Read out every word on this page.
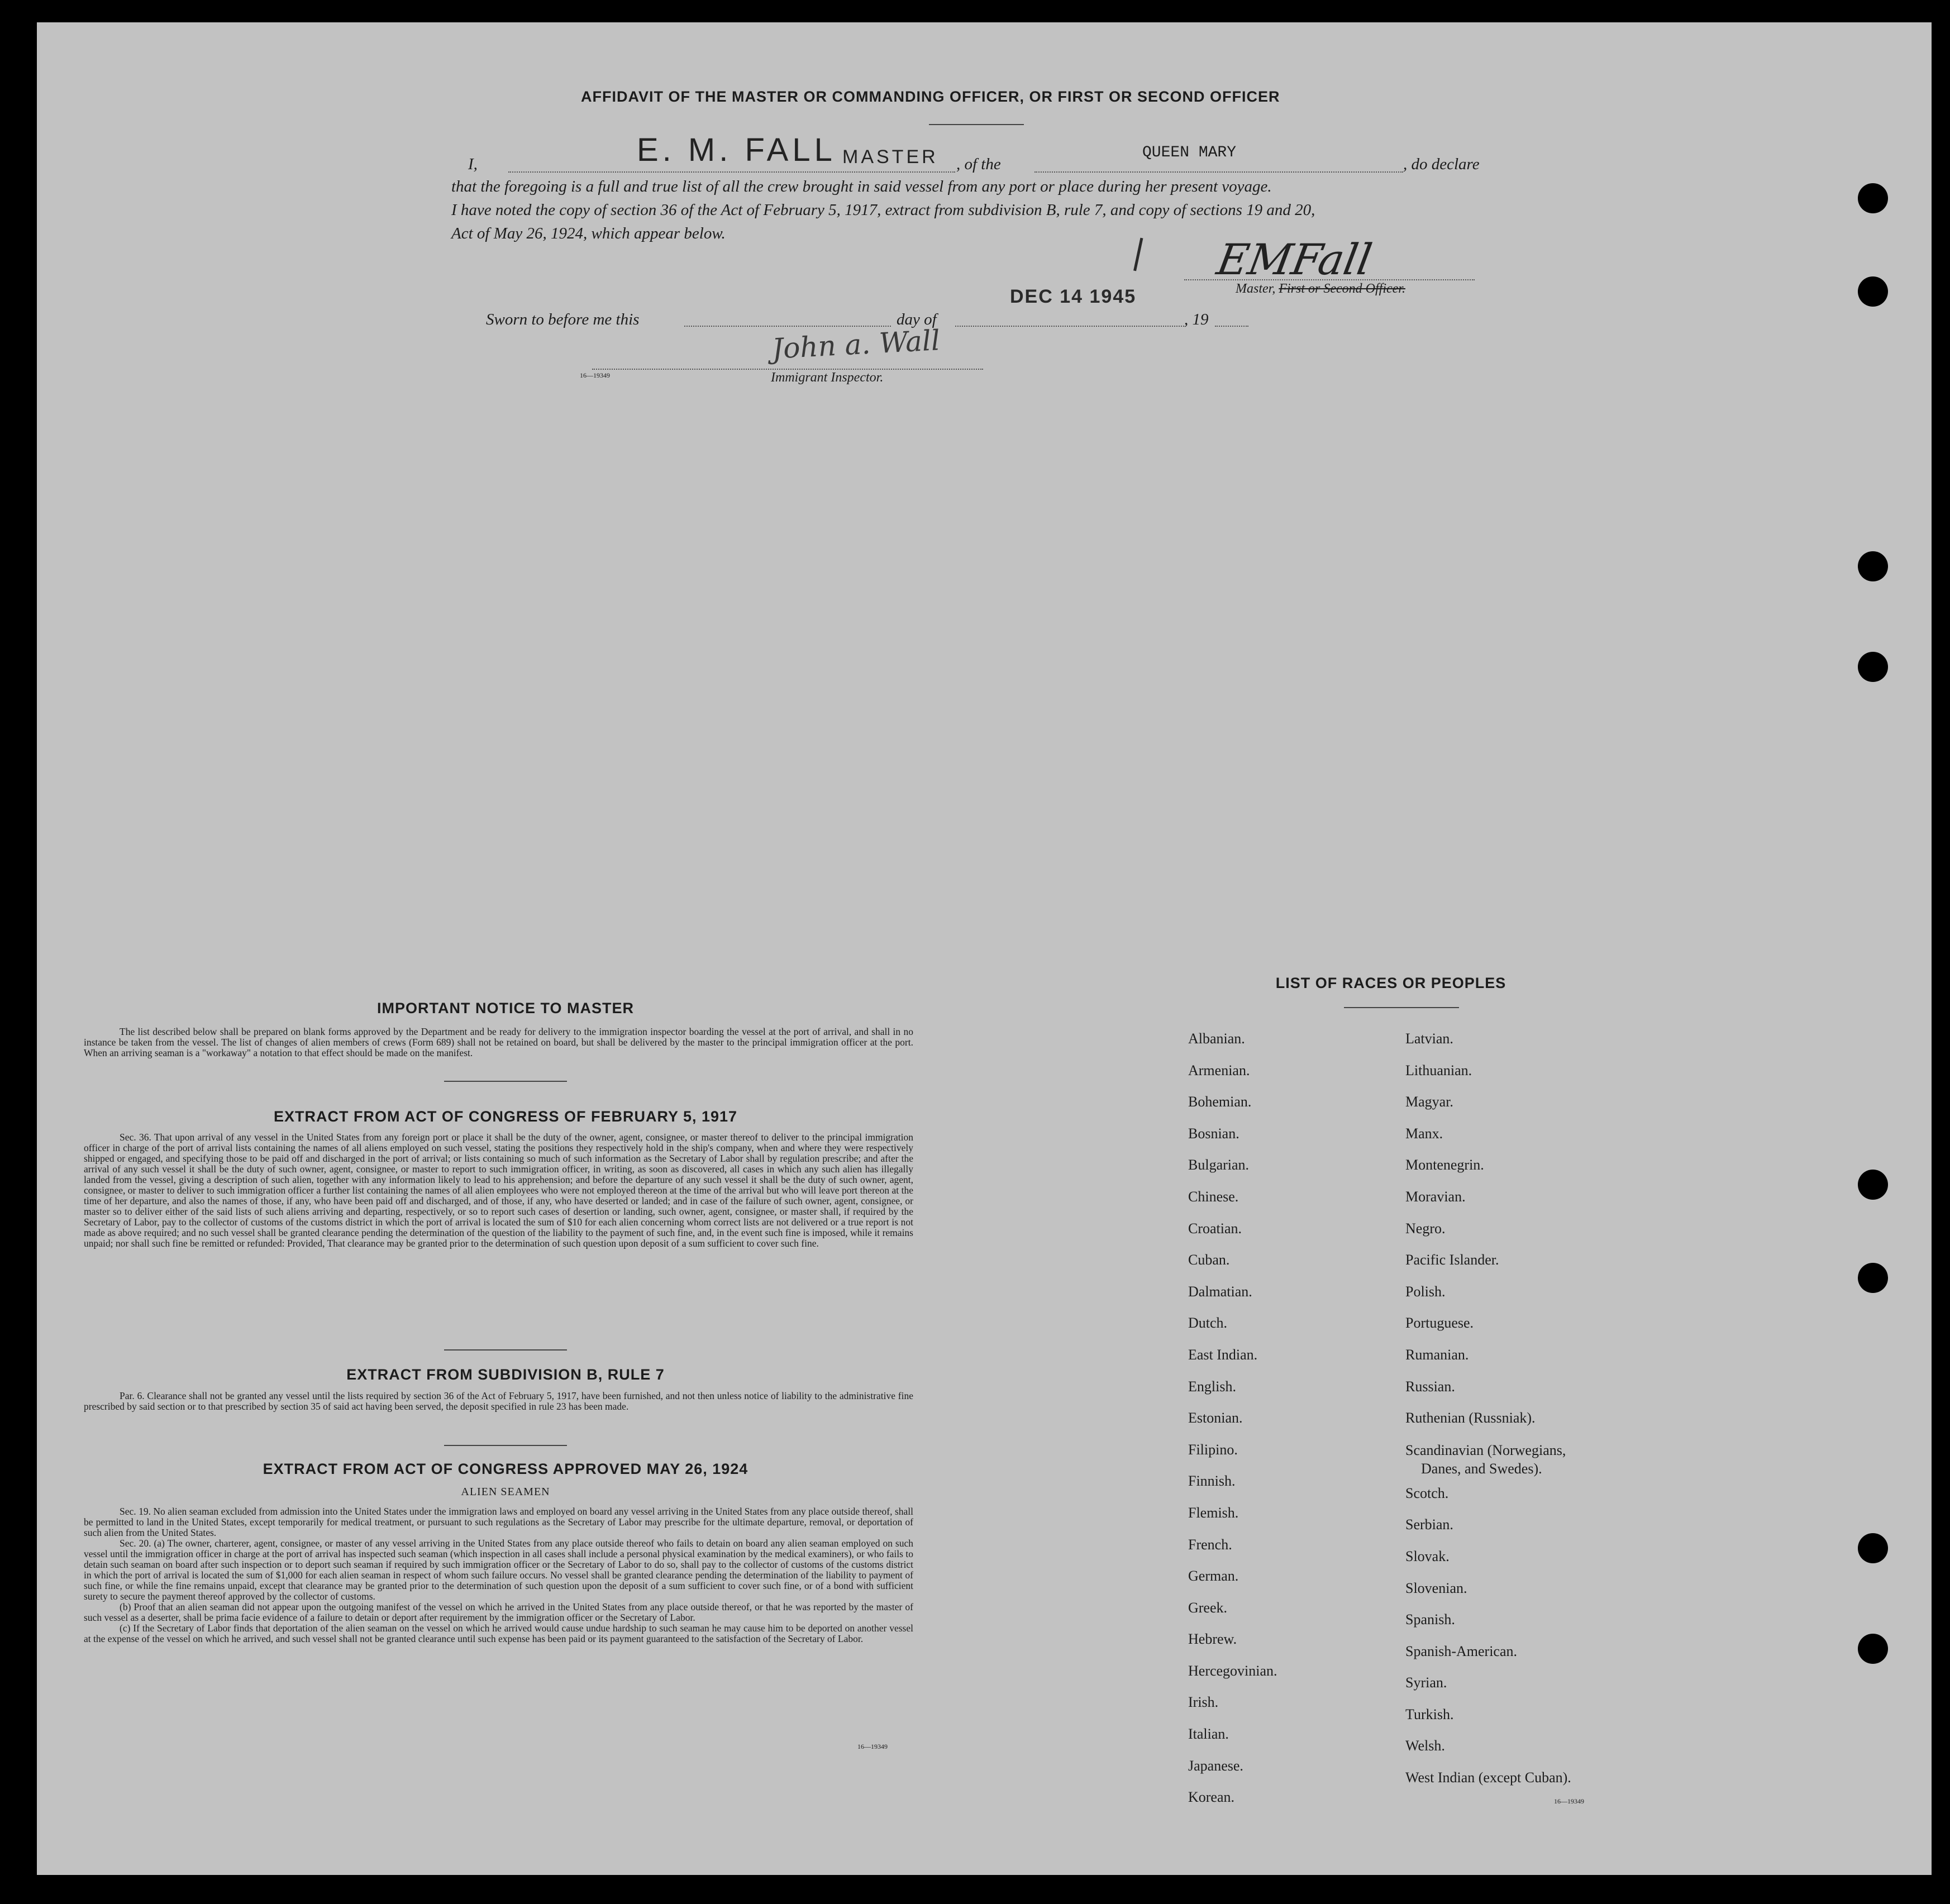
AFFIDAVIT OF THE MASTER OR COMMANDING OFFICER, OR FIRST OR SECOND OFFICER
I,	E. M. FALL MASTER , of the
QUEEN MARY
, do declare
that the foregoing is a full and true list of all the crew brought in said vessel from any port or place during her present voyage.
I have noted the copy of section 36 of the Act of February 5, 1917, extract from subdivision B, rule 7, and copy of sections 19 and 20,
Act of May 26, 1924, which appear below.
EMFall
Master, First or Second Officer.
DEC 14 1945
Sworn to before me this	day of	, 19
John a. Wall
16—19349	Immigrant Inspector.
IMPORTANT NOTICE TO MASTER
The list described below shall be prepared on blank forms approved by the Department and be ready for delivery to the immigration inspector boarding the vessel at the port of arrival, and shall in no instance be taken from the vessel. The list of changes of alien members of crews (Form 689) shall not be retained on board, but shall be delivered by the master to the principal immigration officer at the port. When an arriving seaman is a "workaway" a notation to that effect should be made on the manifest.
EXTRACT FROM ACT OF CONGRESS OF FEBRUARY 5, 1917
Sec. 36. That upon arrival of any vessel in the United States from any foreign port or place it shall be the duty of the owner, agent, consignee, or master thereof to deliver to the principal immigration officer in charge of the port of arrival lists containing the names of all aliens employed on such vessel, stating the positions they respectively hold in the ship's company, when and where they were respectively shipped or engaged, and specifying those to be paid off and discharged in the port of arrival; or lists containing so much of such information as the Secretary of Labor shall by regulation prescribe; and after the arrival of any such vessel it shall be the duty of such owner, agent, consignee, or master to report to such immigration officer, in writing, as soon as discovered, all cases in which any such alien has illegally landed from the vessel, giving a description of such alien, together with any information likely to lead to his apprehension; and before the departure of any such vessel it shall be the duty of such owner, agent, consignee, or master to deliver to such immigration officer a further list containing the names of all alien employees who were not employed thereon at the time of the arrival but who will leave port thereon at the time of her departure, and also the names of those, if any, who have been paid off and discharged, and of those, if any, who have deserted or landed; and in case of the failure of such owner, agent, consignee, or master so to deliver either of the said lists of such aliens arriving and departing, respectively, or so to report such cases of desertion or landing, such owner, agent, consignee, or master shall, if required by the Secretary of Labor, pay to the collector of customs of the customs district in which the port of arrival is located the sum of $10 for each alien concerning whom correct lists are not delivered or a true report is not made as above required; and no such vessel shall be granted clearance pending the determination of the question of the liability to the payment of such fine, and, in the event such fine is imposed, while it remains unpaid; nor shall such fine be remitted or refunded: Provided, That clearance may be granted prior to the determination of such question upon deposit of a sum sufficient to cover such fine.
EXTRACT FROM SUBDIVISION B, RULE 7
Par. 6. Clearance shall not be granted any vessel until the lists required by section 36 of the Act of February 5, 1917, have been furnished, and not then unless notice of liability to the administrative fine prescribed by said section or to that prescribed by section 35 of said act having been served, the deposit specified in rule 23 has been made.
EXTRACT FROM ACT OF CONGRESS APPROVED MAY 26, 1924
ALIEN SEAMEN
Sec. 19. No alien seaman excluded from admission into the United States under the immigration laws and employed on board any vessel arriving in the United States from any place outside thereof, shall be permitted to land in the United States, except temporarily for medical treatment, or pursuant to such regulations as the Secretary of Labor may prescribe for the ultimate departure, removal, or deportation of such alien from the United States.
Sec. 20. (a) The owner, charterer, agent, consignee, or master of any vessel arriving in the United States from any place outside thereof who fails to detain on board any alien seaman employed on such vessel until the immigration officer in charge at the port of arrival has inspected such seaman (which inspection in all cases shall include a personal physical examination by the medical examiners), or who fails to detain such seaman on board after such inspection or to deport such seaman if required by such immigration officer or the Secretary of Labor to do so, shall pay to the collector of customs of the customs district in which the port of arrival is located the sum of $1,000 for each alien seaman in respect of whom such failure occurs. No vessel shall be granted clearance pending the determination of the liability to payment of such fine, or while the fine remains unpaid, except that clearance may be granted prior to the determination of such question upon the deposit of a sum sufficient to cover such fine, or of a bond with sufficient surety to secure the payment thereof approved by the collector of customs.
(b) Proof that an alien seaman did not appear upon the outgoing manifest of the vessel on which he arrived in the United States from any place outside thereof, or that he was reported by the master of such vessel as a deserter, shall be prima facie evidence of a failure to detain or deport after requirement by the immigration officer or the Secretary of Labor.
(c) If the Secretary of Labor finds that deportation of the alien seaman on the vessel on which he arrived would cause undue hardship to such seaman he may cause him to be deported on another vessel at the expense of the vessel on which he arrived, and such vessel shall not be granted clearance until such expense has been paid or its payment guaranteed to the satisfaction of the Secretary of Labor.
16—19349
LIST OF RACES OR PEOPLES
Albanian.
Armenian.
Bohemian.
Bosnian.
Bulgarian.
Chinese.
Croatian.
Cuban.
Dalmatian.
Dutch.
East Indian.
English.
Estonian.
Filipino.
Finnish.
Flemish.
French.
German.
Greek.
Hebrew.
Hercegovinian.
Irish.
Italian.
Japanese.
Korean.
Latvian.
Lithuanian.
Magyar.
Manx.
Montenegrin.
Moravian.
Negro.
Pacific Islander.
Polish.
Portuguese.
Rumanian.
Russian.
Ruthenian (Russniak).
Scandinavian (Norwegians,
Danes, and Swedes).
Scotch.
Serbian.
Slovak.
Slovenian.
Spanish.
Spanish-American.
Syrian.
Turkish.
Welsh.
West Indian (except Cuban).
16—19349
